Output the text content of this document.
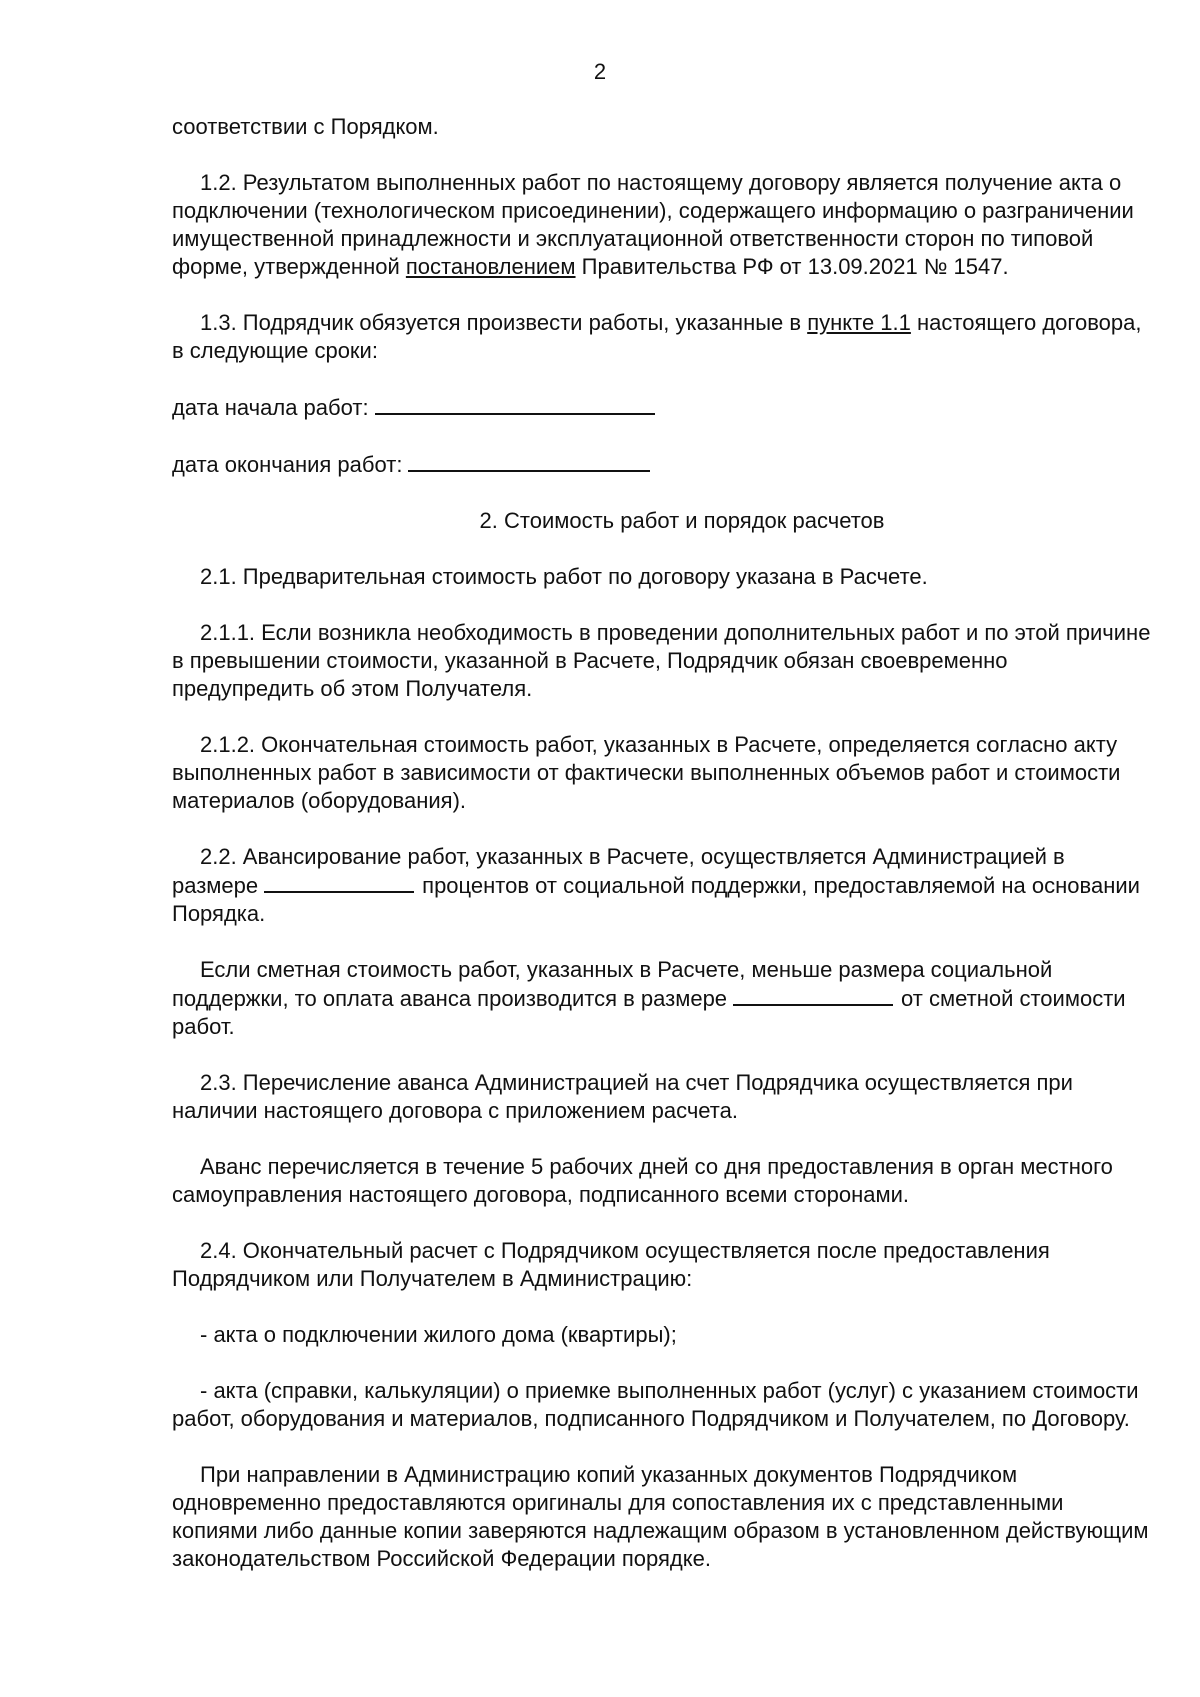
2

соответствии с Порядком.

1.2. Результатом выполненных работ по настоящему договору является получение акта о подключении (технологическом присоединении), содержащего информацию о разграничении имущественной принадлежности и эксплуатационной ответственности сторон по типовой форме, утвержденной постановлением Правительства РФ от 13.09.2021 № 1547.

1.3. Подрядчик обязуется произвести работы, указанные в пункте 1.1 настоящего договора, в следующие сроки:

дата начала работ:

дата окончания работ:

2. Стоимость работ и порядок расчетов

2.1. Предварительная стоимость работ по договору указана в Расчете.

2.1.1. Если возникла необходимость в проведении дополнительных работ и по этой причине в превышении стоимости, указанной в Расчете, Подрядчик обязан своевременно предупредить об этом Получателя.

2.1.2. Окончательная стоимость работ, указанных в Расчете, определяется согласно акту выполненных работ в зависимости от фактически выполненных объемов работ и стоимости материалов (оборудования).

2.2. Авансирование работ, указанных в Расчете, осуществляется Администрацией в размере	процентов от социальной поддержки, предоставляемой на основании Порядка.

Если сметная стоимость работ, указанных в Расчете, меньше размера социальной поддержки, то оплата аванса производится в размере	от сметной стоимости работ.

2.3. Перечисление аванса Администрацией на счет Подрядчика осуществляется при наличии настоящего договора с приложением расчета.

Аванс перечисляется в течение 5 рабочих дней со дня предоставления в орган местного самоуправления настоящего договора, подписанного всеми сторонами.

2.4. Окончательный расчет с Подрядчиком осуществляется после предоставления Подрядчиком или Получателем в Администрацию:

- акта о подключении жилого дома (квартиры);

- акта (справки, калькуляции) о приемке выполненных работ (услуг) с указанием стоимости работ, оборудования и материалов, подписанного Подрядчиком и Получателем, по Договору.

При направлении в Администрацию копий указанных документов Подрядчиком одновременно предоставляются оригиналы для сопоставления их с представленными копиями либо данные копии заверяются надлежащим образом в установленном действующим законодательством Российской Федерации порядке.
